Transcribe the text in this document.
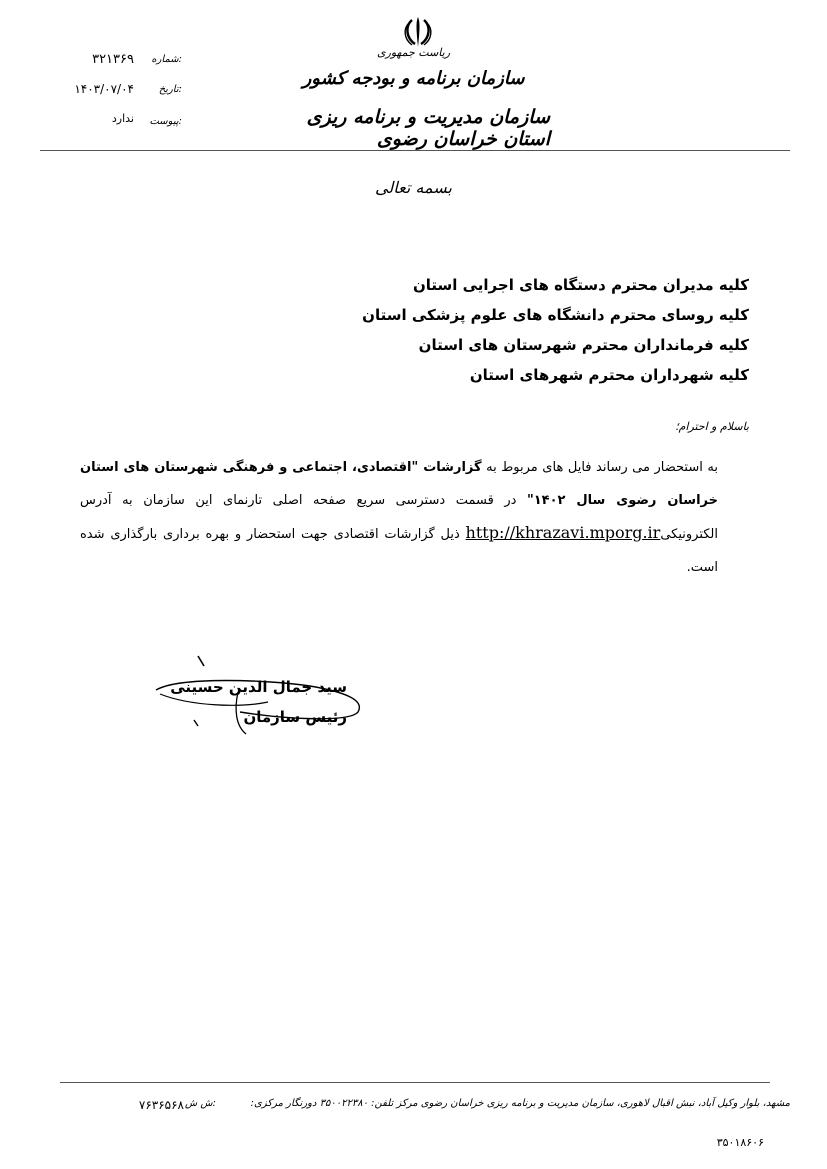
ریاست جمهوری
سازمان برنامه و بودجه کشور
سازمان مدیریت و برنامه ریزی استان خراسان رضوی
شماره:
۳۲۱۳۶۹
تاریخ:
۱۴۰۳/۰۷/۰۴
پیوست:
ندارد
بسمه تعالی
کلیه مدیران محترم دستگاه های اجرایی استان
کلیه روسای محترم دانشگاه های علوم پزشکی استان
کلیه فرمانداران محترم شهرستان های استان
کلیه شهرداران محترم شهرهای استان
باسلام و احترام؛
به استحضار می رساند فایل های مربوط به گزارشات "اقتصادی، اجتماعی و فرهنگی شهرستان های استان خراسان رضوی سال ۱۴۰۲" در قسمت دسترسی سریع صفحه اصلی تارنمای این سازمان به آدرس الکترونیکیhttp://khrazavi.mporg.ir ذیل گزارشات اقتصادی جهت استحضار و بهره برداری بارگذاری شده است.
سید جمال الدین حسینی
رئیس سازمان
مشهد، بلوار وکیل آباد، نبش اقبال لاهوری، سازمان مدیریت و برنامه ریزی خراسان رضوی مرکز تلفن: ۳۵۰۰۲۲۳۸۰ دورنگار مرکزی:
ش ش:
۷۶۳۶۵۶۸
۳۵۰۱۸۶۰۶
